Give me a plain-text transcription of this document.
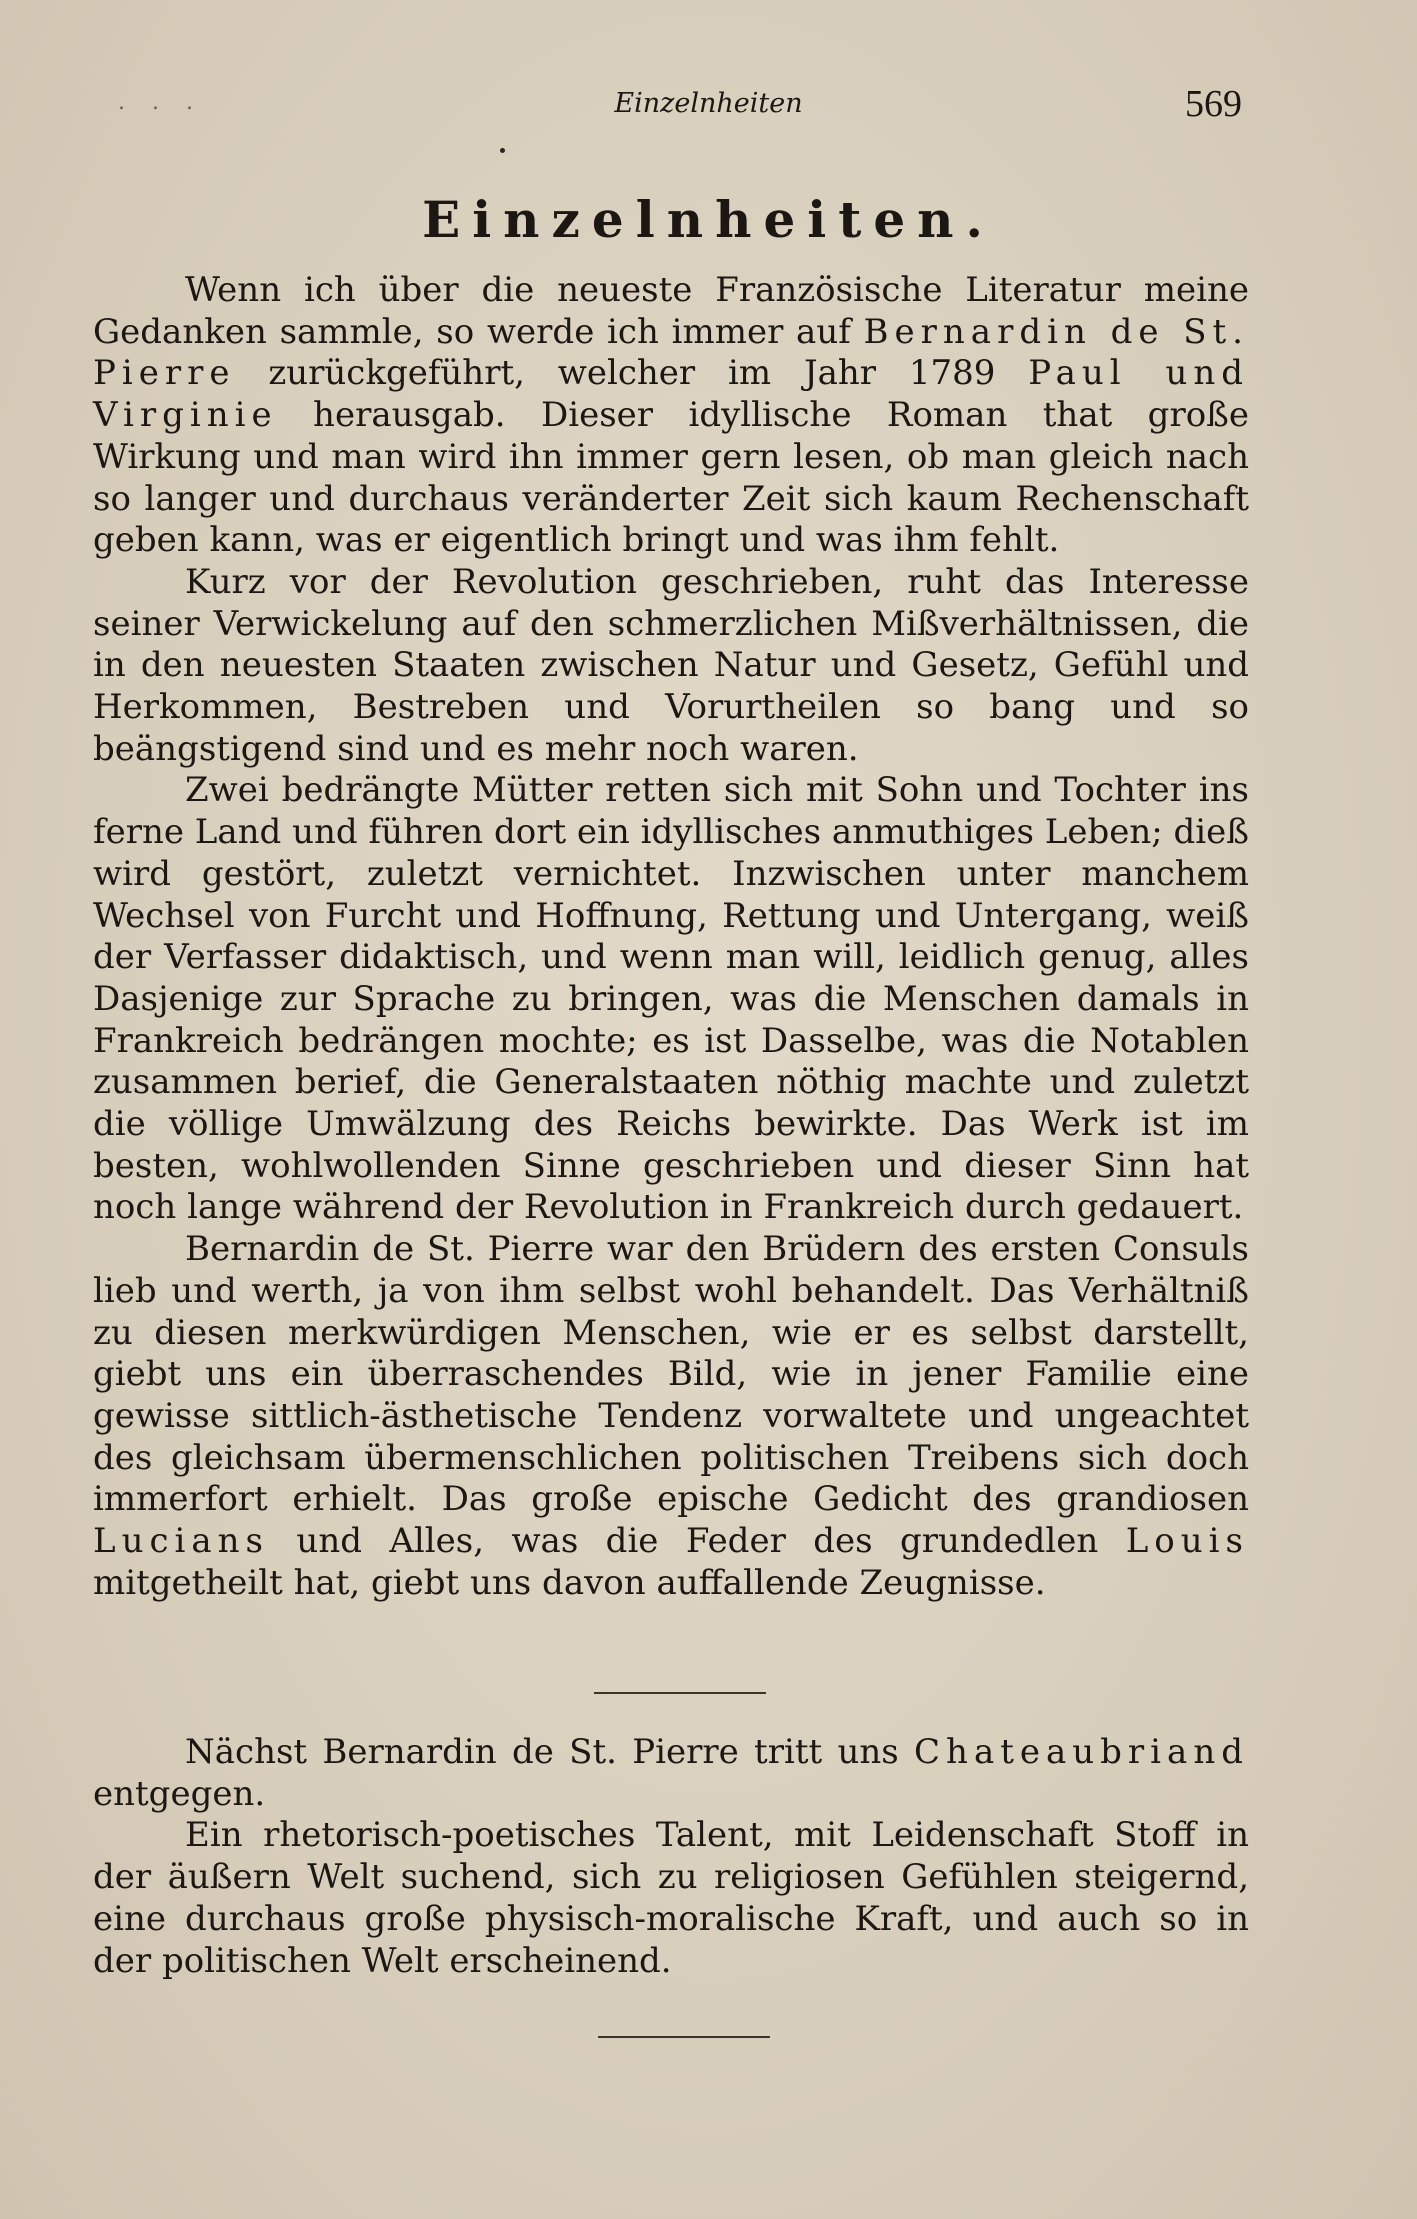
. . .	Einzelnheiten	569
Einzelnheiten.

Wenn ich über die neueste Französische Literatur meine Gedanken sammle, so werde ich immer auf Bernardin de St. Pierre zurückgeführt, welcher im Jahr 1789 Paul und Virginie herausgab. Dieser idyllische Roman that große Wirkung und man wird ihn immer gern lesen, ob man gleich nach so langer und durchaus veränderter Zeit sich kaum Rechenschaft geben kann, was er eigentlich bringt und was ihm fehlt.

Kurz vor der Revolution geschrieben, ruht das Interesse seiner Verwickelung auf den schmerzlichen Mißverhältnissen, die in den neuesten Staaten zwischen Natur und Gesetz, Gefühl und Herkommen, Bestreben und Vorurtheilen so bang und so beängstigend sind und es mehr noch waren.

Zwei bedrängte Mütter retten sich mit Sohn und Tochter ins ferne Land und führen dort ein idyllisches anmuthiges Leben; dieß wird gestört, zuletzt vernichtet. Inzwischen unter manchem Wechsel von Furcht und Hoffnung, Rettung und Untergang, weiß der Verfasser didaktisch, und wenn man will, leidlich genug, alles Dasjenige zur Sprache zu bringen, was die Menschen damals in Frankreich bedrängen mochte; es ist Dasselbe, was die Notablen zusammen berief, die Generalstaaten nöthig machte und zuletzt die völlige Umwälzung des Reichs bewirkte. Das Werk ist im besten, wohlwollenden Sinne geschrieben und dieser Sinn hat noch lange während der Revolution in Frankreich durch gedauert.

Bernardin de St. Pierre war den Brüdern des ersten Consuls lieb und werth, ja von ihm selbst wohl behandelt. Das Verhältniß zu diesen merkwürdigen Menschen, wie er es selbst darstellt, giebt uns ein überraschendes Bild, wie in jener Familie eine gewisse sittlich-ästhetische Tendenz vorwaltete und ungeachtet des gleichsam übermenschlichen politischen Treibens sich doch immerfort erhielt. Das große epische Gedicht des grandiosen Lucians und Alles, was die Feder des grundedlen Louis mitgetheilt hat, giebt uns davon auffallende Zeugnisse.

Nächst Bernardin de St. Pierre tritt uns Chateaubriand entgegen.

Ein rhetorisch-poetisches Talent, mit Leidenschaft Stoff in der äußern Welt suchend, sich zu religiosen Gefühlen steigernd, eine durchaus große physisch-moralische Kraft, und auch so in der politischen Welt erscheinend.
